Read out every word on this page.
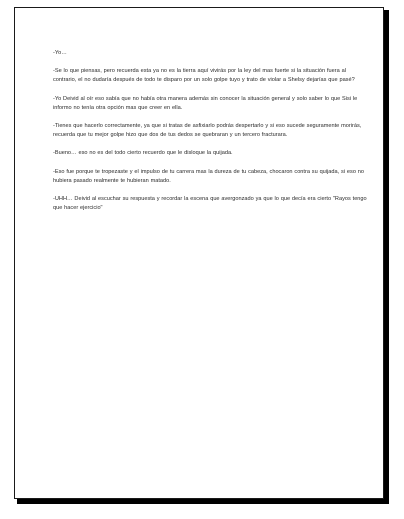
-Yo…

-Se lo que piensas, pero recuerda esta ya no es la tierra aquí vivirás por la ley del mas fuerte si la situación fuera al contrario, el no dudaría después de todo te disparo por un solo golpe tuyo y trato de violar a Shelsy dejarías que pasé?

-Yo Deivid al oír eso sabía que no había otra manera además sin conocer la situación general y solo saber lo que Sisi le informo no tenía otra opción mas que creer en ella.

-Tienes que hacerlo correctamente, ya que si tratas de asfixiarlo podrás despertarlo y si eso sucede seguramente morirás, recuerda que tu mejor golpe hizo que dos de tus dedos se quebraran y un tercero fracturara.

-Bueno… eso no es del todo cierto recuerdo que le disloque la quijada.

-Eso fue porque te tropezaste y el impulso de tu carrera mas la dureza de tu cabeza, chocaron contra su quijada, si eso no hubiera pasado realmente te hubieran matado.

-UHH… Deivid al escuchar su respuesta y recordar la escena que avergonzado ya que lo que decía era cierto "Rayos tengo que hacer ejercicio"
